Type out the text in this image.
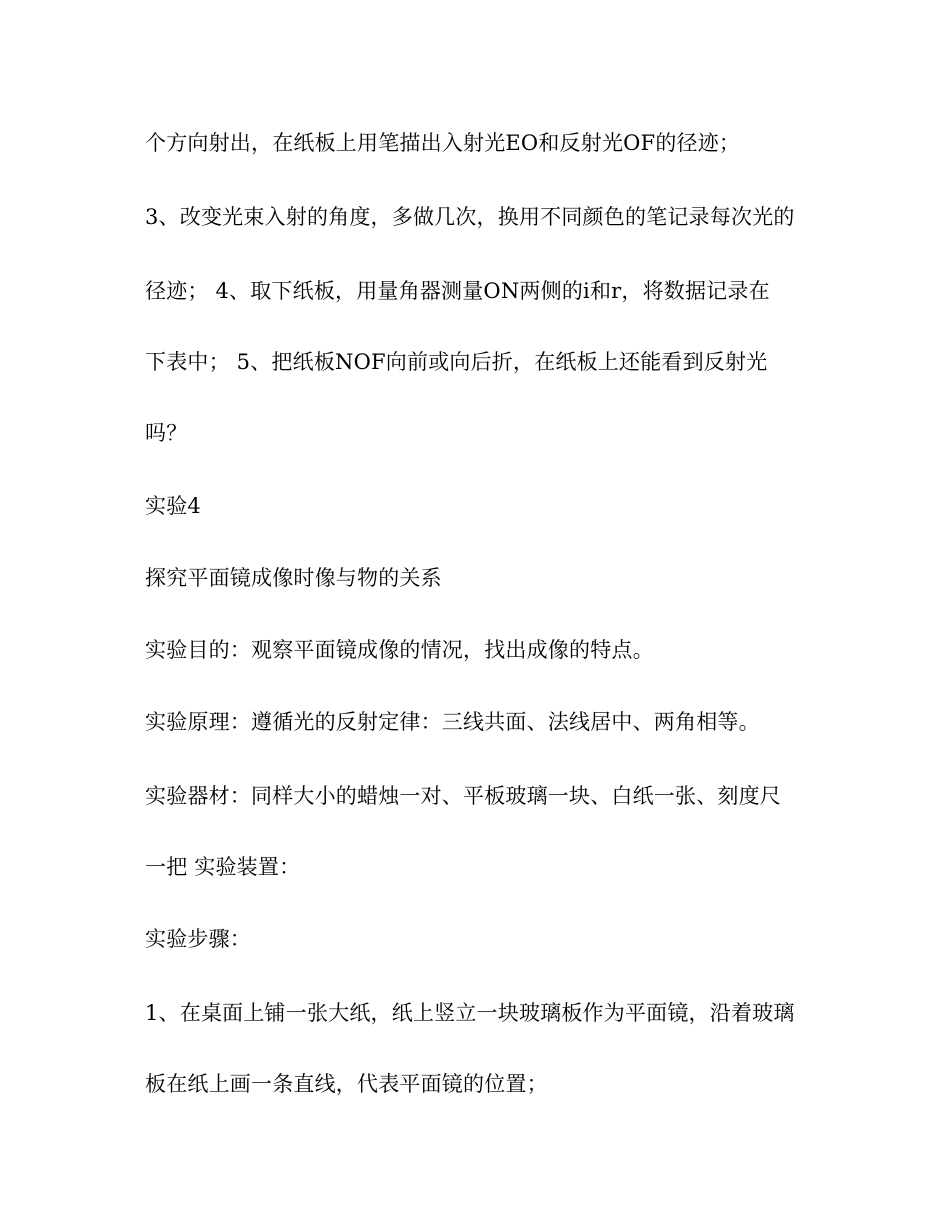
个方向射出，在纸板上用笔描出入射光EO和反射光OF的径迹；
3、改变光束入射的角度，多做几次，换用不同颜色的笔记录每次光的
径迹； 4、取下纸板，用量角器测量ON两侧的i和r，将数据记录在
下表中； 5、把纸板NOF向前或向后折，在纸板上还能看到反射光
吗？
实验4
探究平面镜成像时像与物的关系
实验目的：观察平面镜成像的情况，找出成像的特点。
实验原理：遵循光的反射定律：三线共面、法线居中、两角相等。
实验器材：同样大小的蜡烛一对、平板玻璃一块、白纸一张、刻度尺
一把 实验装置：
实验步骤：
1、在桌面上铺一张大纸，纸上竖立一块玻璃板作为平面镜，沿着玻璃
板在纸上画一条直线，代表平面镜的位置；
